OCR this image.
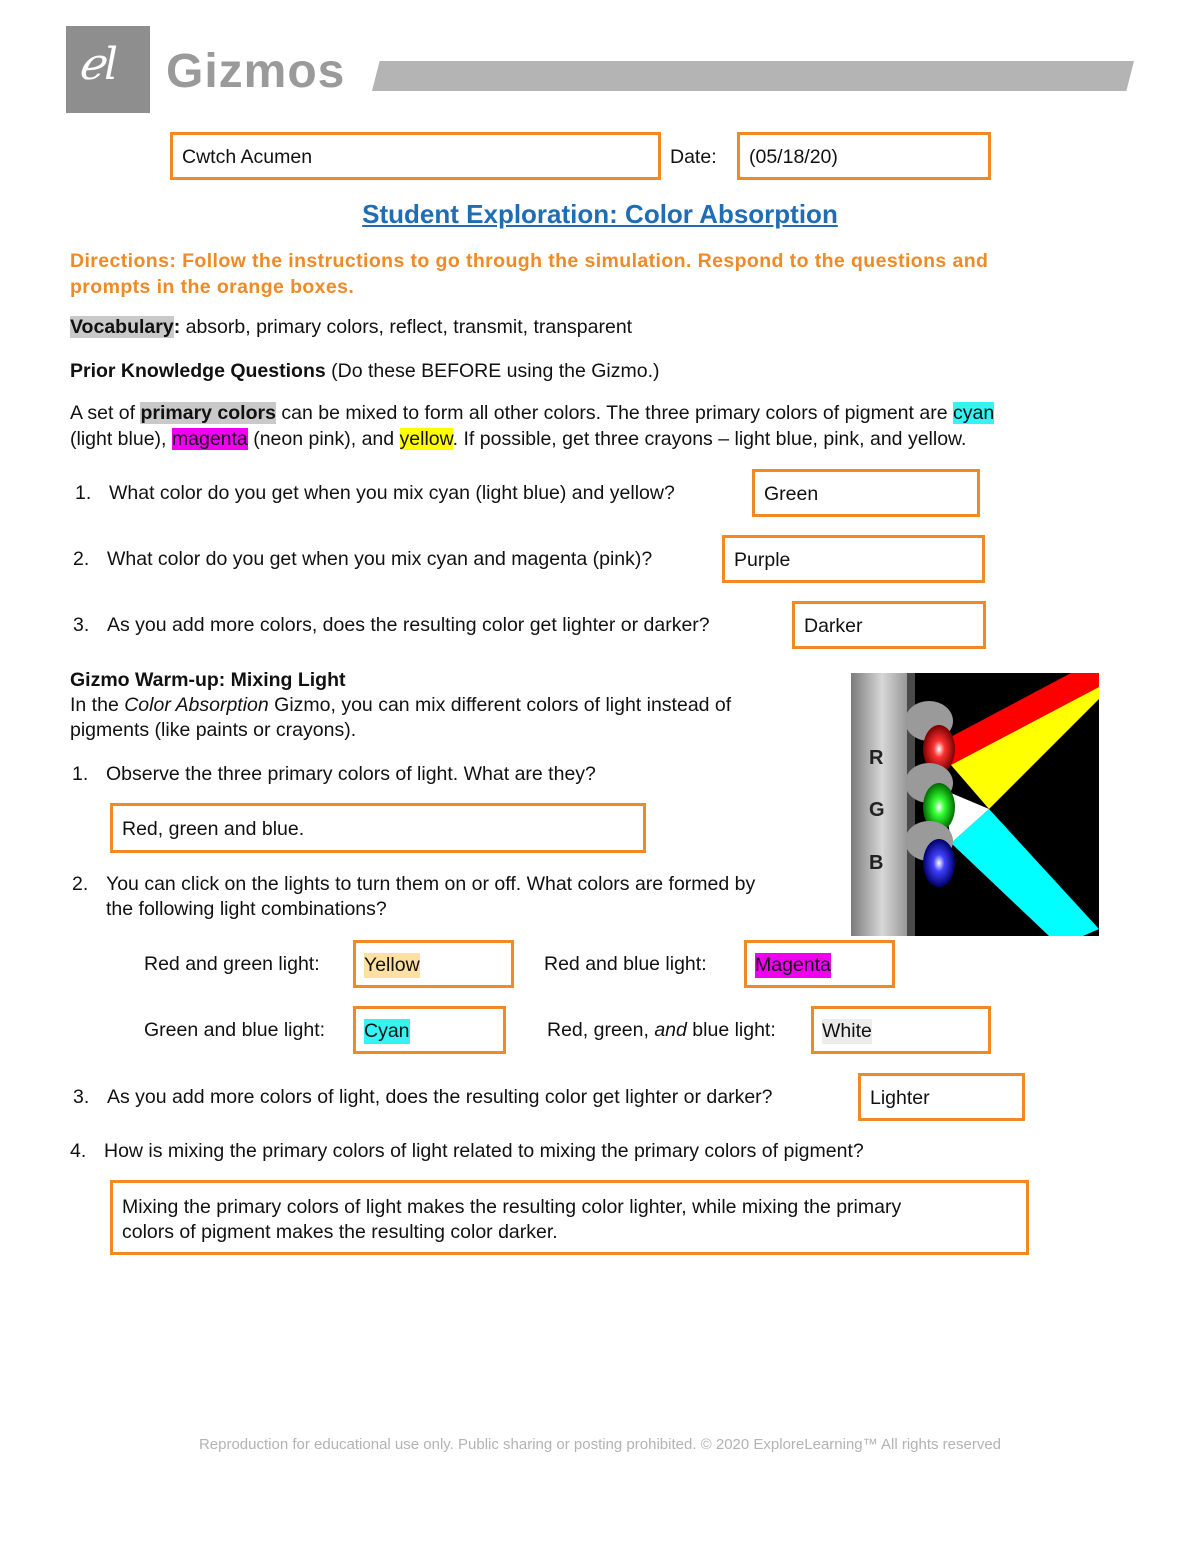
ℯl Gizmos
Cwtch Acumen	Date: (05/18/20)
Student Exploration: Color Absorption
Directions: Follow the instructions to go through the simulation. Respond to the questions and prompts in the orange boxes.
Vocabulary: absorb, primary colors, reflect, transmit, transparent
Prior Knowledge Questions (Do these BEFORE using the Gizmo.)
A set of primary colors can be mixed to form all other colors. The three primary colors of pigment are cyan
(light blue), magenta (neon pink), and yellow. If possible, get three crayons – light blue, pink, and yellow.
1. What color do you get when you mix cyan (light blue) and yellow?	Green
2. What color do you get when you mix cyan and magenta (pink)?	Purple
3. As you add more colors, does the resulting color get lighter or darker?	Darker
Gizmo Warm-up: Mixing Light
In the Color Absorption Gizmo, you can mix different colors of light instead of
pigments (like paints or crayons).
R
G
B
1. Observe the three primary colors of light. What are they?
Red, green and blue.
2. You can click on the lights to turn them on or off. What colors are formed by
the following light combinations?
Red and green light: Yellow	Red and blue light: Magenta
Green and blue light: Cyan	Red, green, and blue light: White
3. As you add more colors of light, does the resulting color get lighter or darker?	Lighter
4. How is mixing the primary colors of light related to mixing the primary colors of pigment?
Mixing the primary colors of light makes the resulting color lighter, while mixing the primary
colors of pigment makes the resulting color darker.
Reproduction for educational use only. Public sharing or posting prohibited. © 2020 ExploreLearning™ All rights reserved
